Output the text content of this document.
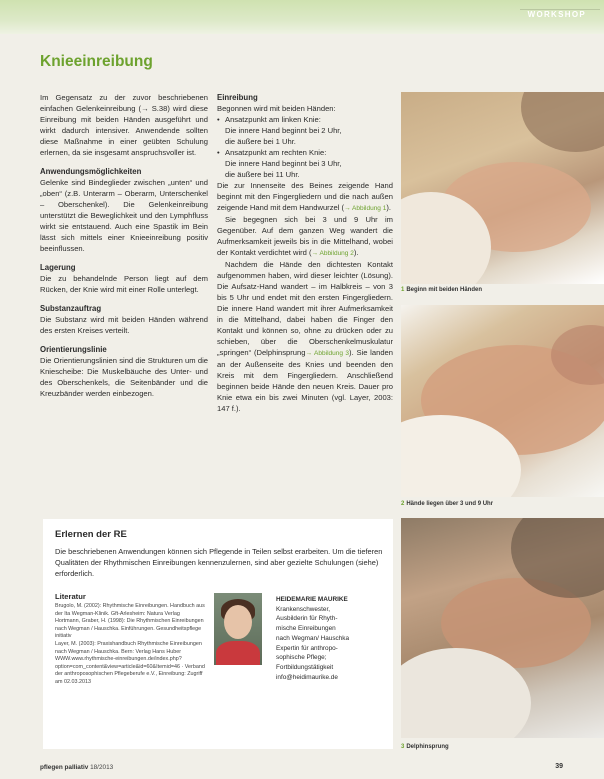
WORKSHOP
Knieeinreibung

Im Gegensatz zu der zuvor beschriebenen einfachen Gelenkeinreibung (→ S.38) wird diese Einreibung mit beiden Händen ausgeführt und wirkt dadurch intensiver. Anwendende sollten diese Maßnahme in einer geübten Schulung erlernen, da sie insgesamt anspruchsvoller ist.

Anwendungsmöglichkeiten

Gelenke sind Bindeglieder zwischen „unten“ und „oben“ (z.B. Unterarm – Oberarm, Unterschenkel – Oberschenkel). Die Gelenkeinreibung unterstützt die Beweglichkeit und den Lymphfluss wirkt sie entstauend. Auch eine Spastik im Bein lässt sich mittels einer Knieeinreibung positiv beeinflussen.

Lagerung

Die zu behandelnde Person liegt auf dem Rücken, der Knie wird mit einer Rolle unterlegt.

Substanzauftrag

Die Substanz wird mit beiden Händen während des ersten Kreises verteilt.

Orientierungslinie

Die Orientierungslinien sind die Strukturen um die Kniescheibe: Die Muskelbäuche des Unter- und des Oberschenkels, die Seitenbänder und die Kreuzbänder werden einbezogen.

Einreibung

Begonnen wird mit beiden Händen:

• Ansatzpunkt am linken Knie:

Die innere Hand beginnt bei 2 Uhr,

die äußere bei 1 Uhr.

• Ansatzpunkt am rechten Knie:

Die innere Hand beginnt bei 3 Uhr,

die äußere bei 11 Uhr.

Die zur Innenseite des Beines zeigende Hand beginnt mit den Fingergliedern und die nach außen zeigende Hand mit dem Handwurzel (→ Abbildung 1).

Sie begegnen sich bei 3 und 9 Uhr im Gegenüber. Auf dem ganzen Weg wandert die Aufmerksamkeit jeweils bis in die Mittelhand, wobei der Kontakt verdichtet wird (→ Abbildung 2).

Nachdem die Hände den dichtesten Kontakt aufgenommen haben, wird dieser leichter (Lösung). Die Aufsatz-Hand wandert – im Halbkreis – von 3 bis 5 Uhr und endet mit den ersten Fingergliedern. Die innere Hand wandert mit ihrer Aufmerksamkeit in die Mittelhand, dabei haben die Finger den Kontakt und können so, ohne zu drücken oder zu schieben, über die Oberschenkelmuskulatur „springen“ (Delphinsprung→ Abbildung 3). Sie landen an der Außenseite des Knies und beenden den Kreis mit dem Fingergliedern. Anschließend beginnen beide Hände den neuen Kreis. Dauer pro Knie etwa ein bis zwei Minuten (vgl. Layer, 2003: 147 f.).

1 Beginn mit beiden Händen
2 Hände liegen über 3 und 9 Uhr
3 Delphinsprung
Erlernen der RE

Die beschriebenen Anwendungen können sich Pflegende in Teilen selbst erarbeiten. Um die tieferen Qualitäten der Rhythmischen Einreibungen kennenzulernen, sind aber gezielte Schulungen (siehe) erforderlich.

Literatur

Brugolo, M. (2002): Rhythmische Einreibungen. Handbuch aus der Ita Wegman-Klinik. Gft-Arlesheim: Natura Verlag
Hortmann, Graber, H. (1998): Die Rhythmischen Einreibungen nach Wegman / Hauschka. Einführungen. Gesundheitspflege initiativ
Layer, M. (2003): Praxishandbuch Rhythmische Einreibungen nach Wegman / Hauschka. Bern: Verlag Hans Huber
WWW.www.rhythmische-einreibungen.de/index.php?option=com_content&view=article&id=60&Itemid=46 · Verband der anthroposophischen Pflegeberufe e.V., Einreibung: Zugriff am 02.03.2013

HEIDEMARIE MAURIKE
Krankenschwester,
Ausbilderin für Rhyth-
mische Einreibungen
nach Wegman/ Hauschka
Expertin für anthropo-
sophische Pflege;
Fortbildungstätigkeit
info@heidimaurike.de
pflegen palliativ 18/2013	39
